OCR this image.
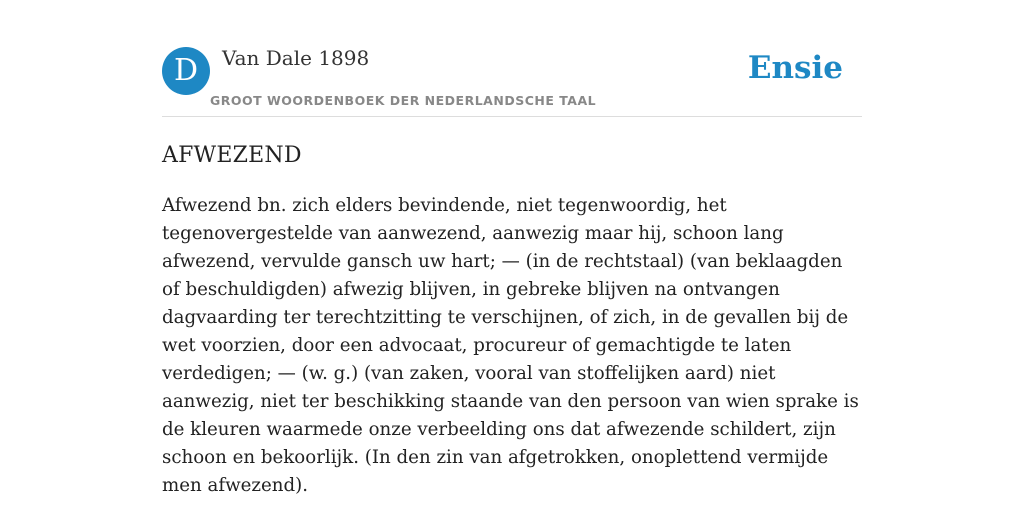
D	Van Dale 1898
GROOT WOORDENBOEK DER NEDERLANDSCHE TAAL
Ensie
AFWEZEND
Afwezend bn. zich elders bevindende, niet tegenwoordig, het tegenovergestelde van aanwezend, aanwezig maar hij, schoon lang afwezend, vervulde gansch uw hart; — (in de rechtstaal) (van beklaagden of beschuldigden) afwezig blijven, in gebreke blijven na ontvangen dagvaarding ter terechtzitting te verschijnen, of zich, in de gevallen bij de wet voorzien, door een advocaat, procureur of gemachtigde te laten verdedigen; — (w. g.) (van zaken, vooral van stoffelijken aard) niet aanwezig, niet ter beschikking staande van den persoon van wien sprake is de kleuren waarmede onze verbeelding ons dat afwezende schildert, zijn schoon en bekoorlijk. (In den zin van afgetrokken, onoplettend vermijde men afwezend).
